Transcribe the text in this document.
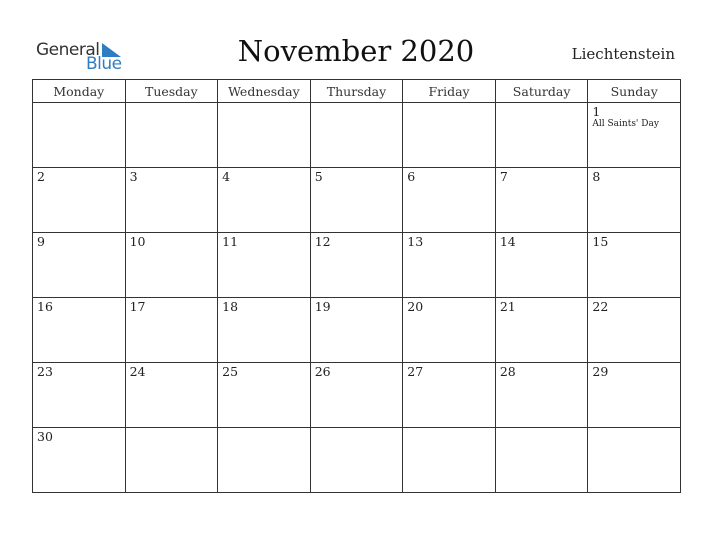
General
Blue	November 2020	Liechtenstein
Monday	Tuesday	Wednesday	Thursday	Friday	Saturday	Sunday

						1
All Saints' Day

2	3	4	5	6	7	8

9	10	11	12	13	14	15

16	17	18	19	20	21	22

23	24	25	26	27	28	29

30						
